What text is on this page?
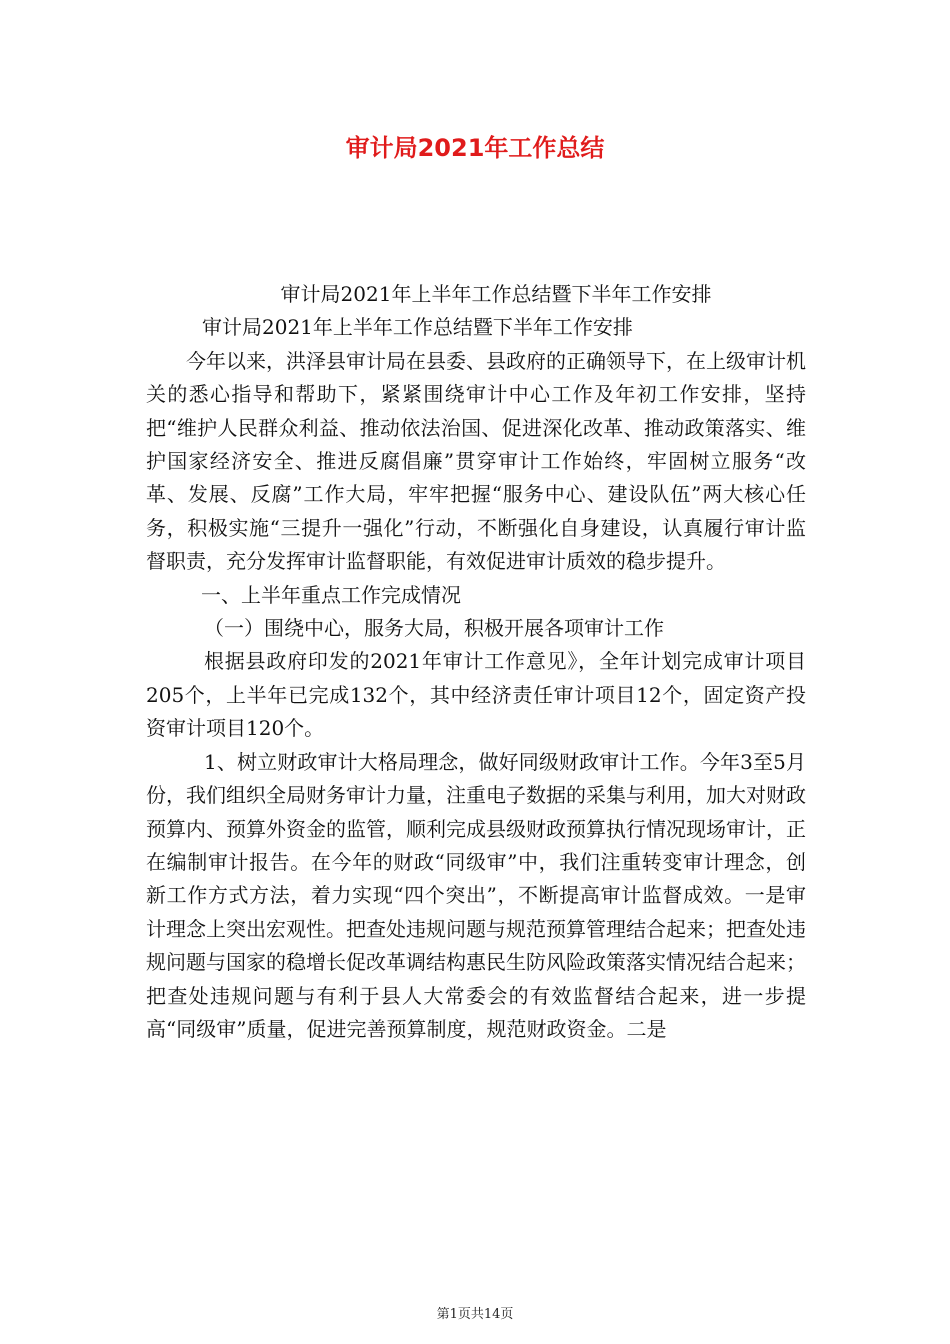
审计局2021年工作总结

审计局2021年上半年工作总结暨下半年工作安排

审计局2021年上半年工作总结暨下半年工作安排

今年以来，洪泽县审计局在县委、县政府的正确领导下，在上级审计机关的悉心指导和帮助下，紧紧围绕审计中心工作及年初工作安排，坚持把“维护人民群众利益、推动依法治国、促进深化改革、推动政策落实、维护国家经济安全、推进反腐倡廉”贯穿审计工作始终，牢固树立服务“改革、发展、反腐”工作大局，牢牢把握“服务中心、建设队伍”两大核心任务，积极实施“三提升一强化”行动，不断强化自身建设，认真履行审计监督职责，充分发挥审计监督职能，有效促进审计质效的稳步提升。

一、上半年重点工作完成情况

（一）围绕中心，服务大局，积极开展各项审计工作

根据县政府印发的2021年审计工作意见》，全年计划完成审计项目205个，上半年已完成132个，其中经济责任审计项目12个，固定资产投资审计项目120个。

1、树立财政审计大格局理念，做好同级财政审计工作。今年3至5月份，我们组织全局财务审计力量，注重电子数据的采集与利用，加大对财政预算内、预算外资金的监管，顺利完成县级财政预算执行情况现场审计，正在编制审计报告。在今年的财政“同级审”中，我们注重转变审计理念，创新工作方式方法，着力实现“四个突出”，不断提高审计监督成效。一是审计理念上突出宏观性。把查处违规问题与规范预算管理结合起来；把查处违规问题与国家的稳增长促改革调结构惠民生防风险政策落实情况结合起来；把查处违规问题与有利于县人大常委会的有效监督结合起来，进一步提高“同级审”质量，促进完善预算制度，规范财政资金。二是

第1页共14页
